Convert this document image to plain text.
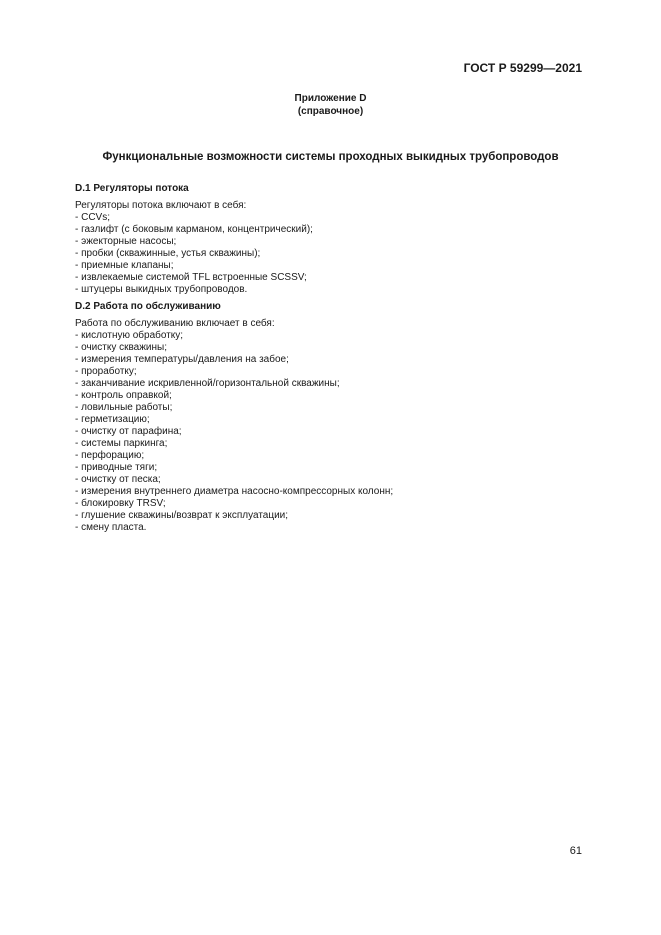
ГОСТ Р 59299—2021
Приложение D
(справочное)
Функциональные возможности системы проходных выкидных трубопроводов

D.1 Регуляторы потока

Регуляторы потока включают в себя:

- CCVs;
- газлифт (с боковым карманом, концентрический);
- эжекторные насосы;
- пробки (скважинные, устья скважины);
- приемные клапаны;
- извлекаемые системой TFL встроенные SCSSV;
- штуцеры выкидных трубопроводов.

D.2 Работа по обслуживанию

Работа по обслуживанию включает в себя:

- кислотную обработку;
- очистку скважины;
- измерения температуры/давления на забое;
- проработку;
- заканчивание искривленной/горизонтальной скважины;
- контроль оправкой;
- ловильные работы;
- герметизацию;
- очистку от парафина;
- системы паркинга;
- перфорацию;
- приводные тяги;
- очистку от песка;
- измерения внутреннего диаметра насосно-компрессорных колонн;
- блокировку TRSV;
- глушение скважины/возврат к эксплуатации;
- смену пласта.
61
